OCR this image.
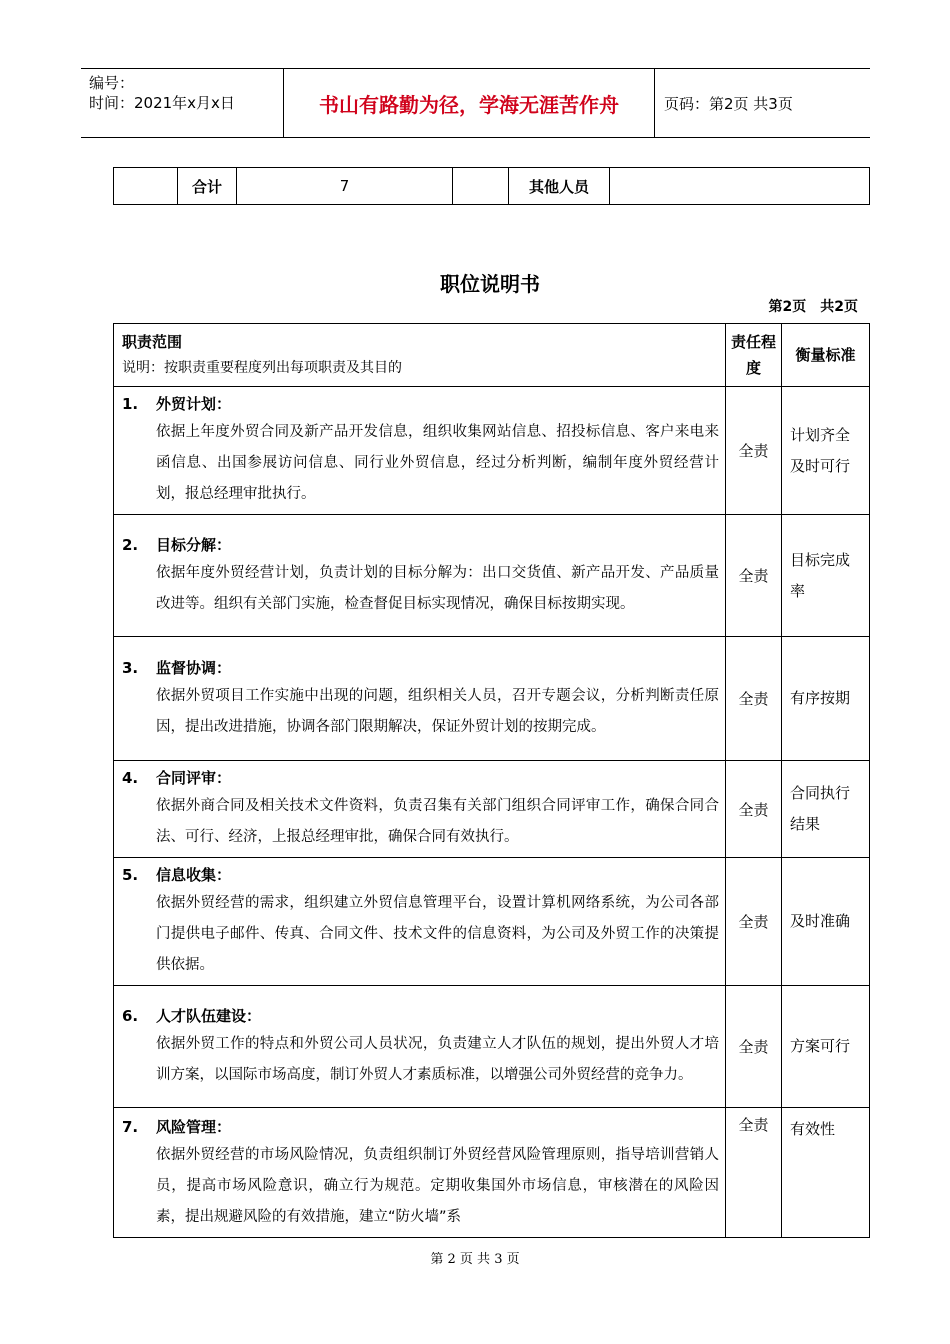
编号：
时间：2021年x月x日	书山有路勤为径，学海无涯苦作舟	页码：第2页 共3页
	合计	7		其他人员	
职位说明书
第2页　共2页
职责范围
说明：按职责重要程度列出每项职责及其目的	责任程度	衡量标准

1. 外贸计划：
依据上年度外贸合同及新产品开发信息，组织收集网站信息、招投标信息、客户来电来函信息、出国参展访问信息、同行业外贸信息，经过分析判断，编制年度外贸经营计划，报总经理审批执行。	全责	计划齐全及时可行

2. 目标分解：
依据年度外贸经营计划，负责计划的目标分解为：出口交货值、新产品开发、产品质量改进等。组织有关部门实施，检查督促目标实现情况，确保目标按期实现。	全责	目标完成率

3. 监督协调：
依据外贸项目工作实施中出现的问题，组织相关人员，召开专题会议，分析判断责任原因，提出改进措施，协调各部门限期解决，保证外贸计划的按期完成。	全责	有序按期

4. 合同评审：
依据外商合同及相关技术文件资料，负责召集有关部门组织合同评审工作，确保合同合法、可行、经济，上报总经理审批，确保合同有效执行。	全责	合同执行结果

5. 信息收集：
依据外贸经营的需求，组织建立外贸信息管理平台，设置计算机网络系统，为公司各部门提供电子邮件、传真、合同文件、技术文件的信息资料，为公司及外贸工作的决策提供依据。	全责	及时准确

6. 人才队伍建设：
依据外贸工作的特点和外贸公司人员状况，负责建立人才队伍的规划，提出外贸人才培训方案，以国际市场高度，制订外贸人才素质标准，以增强公司外贸经营的竞争力。	全责	方案可行

7. 风险管理：
依据外贸经营的市场风险情况，负责组织制订外贸经营风险管理原则，指导培训营销人员，提高市场风险意识，确立行为规范。定期收集国外市场信息，审核潜在的风险因素，提出规避风险的有效措施，建立“防火墙”系	全责	有效性
第 2 页 共 3 页
